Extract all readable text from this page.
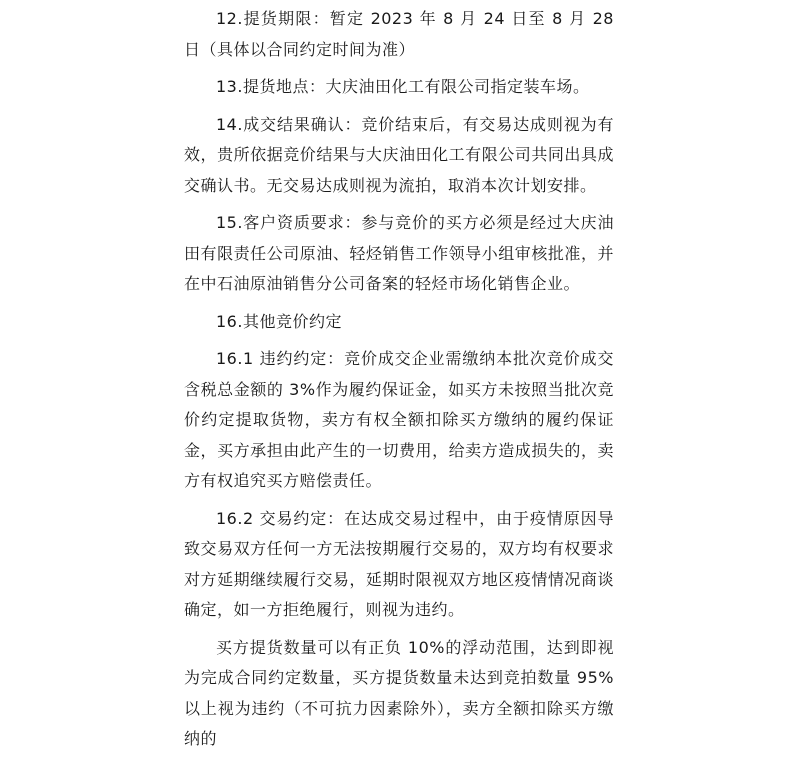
12.提货期限：暂定 2023 年 8 月 24 日至 8 月 28 日（具体以合同约定时间为准）

13.提货地点：大庆油田化工有限公司指定装车场。

14.成交结果确认：竞价结束后，有交易达成则视为有效，贵所依据竞价结果与大庆油田化工有限公司共同出具成交确认书。无交易达成则视为流拍，取消本次计划安排。

15.客户资质要求：参与竞价的买方必须是经过大庆油田有限责任公司原油、轻烃销售工作领导小组审核批准，并在中石油原油销售分公司备案的轻烃市场化销售企业。

16.其他竞价约定

16.1 违约约定：竞价成交企业需缴纳本批次竞价成交含税总金额的 3%作为履约保证金，如买方未按照当批次竞价约定提取货物，卖方有权全额扣除买方缴纳的履约保证金，买方承担由此产生的一切费用，给卖方造成损失的，卖方有权追究买方赔偿责任。

16.2 交易约定：在达成交易过程中，由于疫情原因导致交易双方任何一方无法按期履行交易的，双方均有权要求对方延期继续履行交易，延期时限视双方地区疫情情况商谈确定，如一方拒绝履行，则视为违约。

买方提货数量可以有正负 10%的浮动范围，达到即视为完成合同约定数量，买方提货数量未达到竞拍数量 95%以上视为违约（不可抗力因素除外），卖方全额扣除买方缴纳的
